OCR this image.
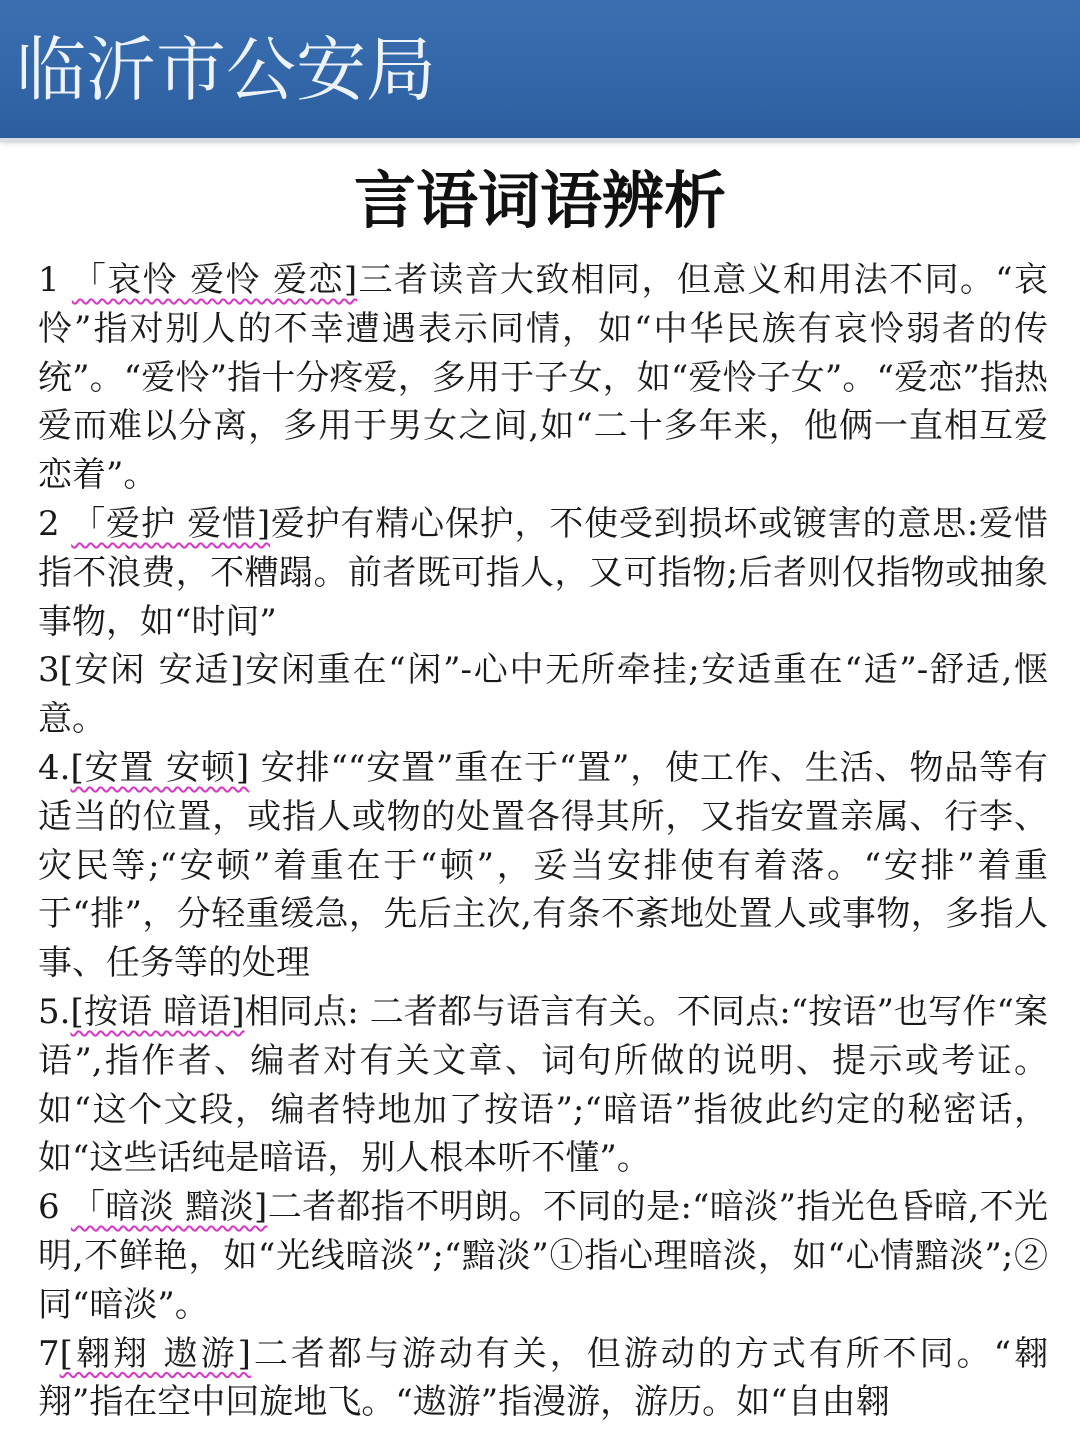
临沂市公安局
言语词语辨析

1 「哀怜 爱怜 爱恋]三者读音大致相同，但意义和用法不同。“哀怜”指对别人的不幸遭遇表示同情，如“中华民族有哀怜弱者的传统”。“爱怜”指十分疼爱，多用于子女，如“爱怜子女”。“爱恋”指热爱而难以分离，多用于男女之间,如“二十多年来，他俩一直相互爱恋着”。

2 「爱护 爱惜]爱护有精心保护，不使受到损坏或镀害的意思:爱惜指不浪费，不糟蹋。前者既可指人，又可指物;后者则仅指物或抽象事物，如“时间”

3[安闲 安适]安闲重在“闲”-心中无所牵挂;安适重在“适”-舒适,惬意。

4.[安置 安顿] 安排““安置”重在于“置”，使工作、生活、物品等有适当的位置，或指人或物的处置各得其所，又指安置亲属、行李、灾民等;“安顿”着重在于“顿”，妥当安排使有着落。“安排”着重于“排”，分轻重缓急，先后主次,有条不紊地处置人或事物，多指人事、任务等的处理

5.[按语 暗语]相同点: 二者都与语言有关。不同点:“按语”也写作“案语”,指作者、编者对有关文章、词句所做的说明、提示或考证。如“这个文段，编者特地加了按语”;“暗语”指彼此约定的秘密话，如“这些话纯是暗语，别人根本听不懂”。

6 「暗淡 黯淡]二者都指不明朗。不同的是:“暗淡”指光色昏暗,不光明,不鲜艳，如“光线暗淡”;“黯淡”①指心理暗淡，如“心情黯淡”;②同“暗淡”。

7[翱翔 遨游]二者都与游动有关，但游动的方式有所不同。“翱翔”指在空中回旋地飞。“遨游”指漫游，游历。如“自由翱
